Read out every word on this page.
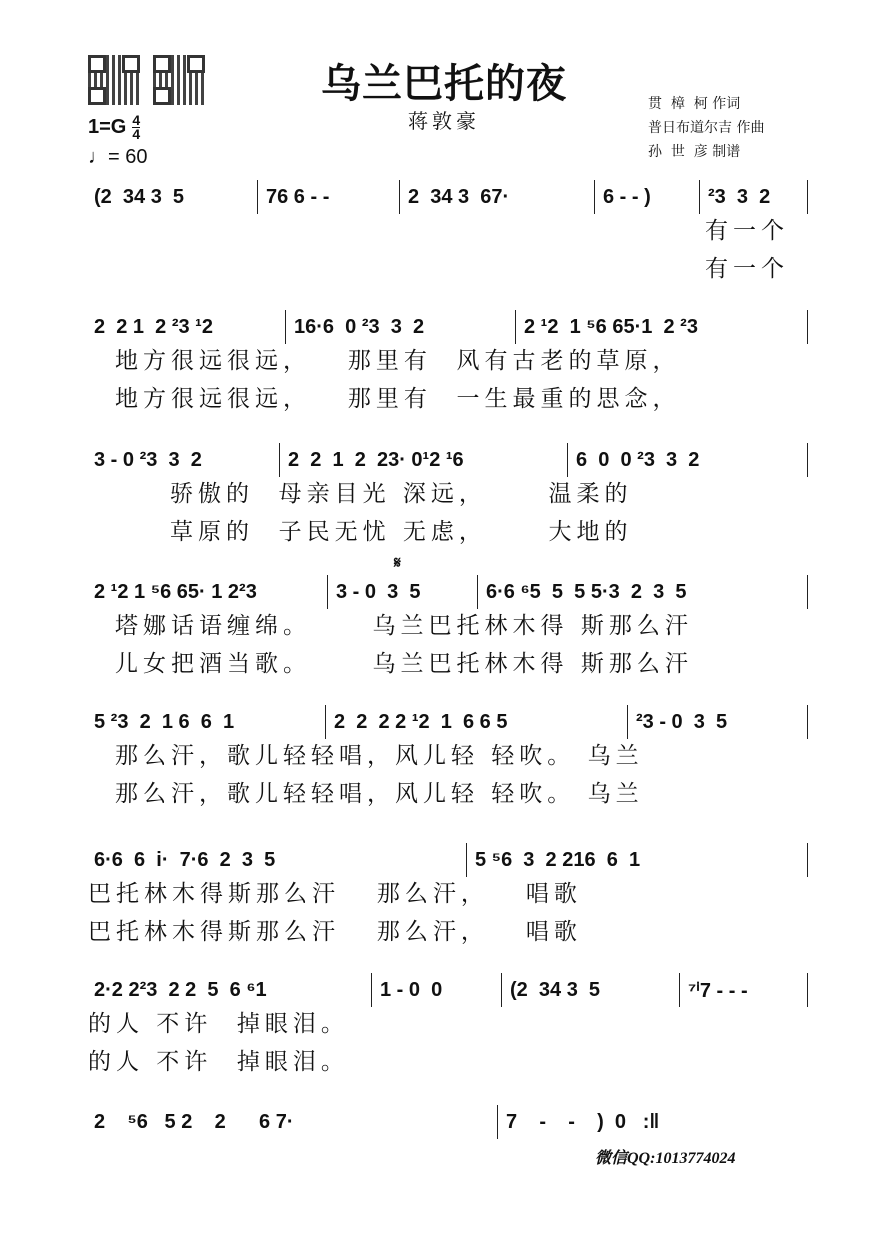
乌兰巴托的夜
蒋敦豪
贯  樟  柯 作词
普日布道尔吉 作曲
孙  世  彦 制谱
$1=G \frac{4}{4}$
♩= 60
(2  34 3  5	76 6 - -	2  34 3  67·	6 - - )	²3  3  2
有一个
有一个
2  2 1  2 ²3 ¹2	16·6  0 ²3  3  2	2 ¹2  1 ⁵6 65·1  2 ²3
地方很远很远，   那里有  风有古老的草原，
地方很远很远，   那里有  一生最重的思念，
3 - 0 ²3  3  2	2  2  1  2  23· 0¹2 ¹6	6  0  0 ²3  3  2
骄傲的  母亲目光 深远，     温柔的
草原的  子民无忧 无虑，     大地的
2 ¹2 1 ⁵6 65· 1 2²3	3 - 0  3  5	6·6 ⁶5  5  5 5·3  2  3  5
塔娜话语缠绵。     乌兰巴托林木得 斯那么汗
儿女把酒当歌。     乌兰巴托林木得 斯那么汗
5 ²3  2  1 6  6  1	2  2  2 2 ¹2  1  6 6 5	²3 - 0  3  5
那么汗，歌儿轻轻唱，风儿轻 轻吹。 乌兰
那么汗，歌儿轻轻唱，风儿轻 轻吹。 乌兰
6·6  6  i·  7·6  2  3  5	5 ⁵6  3  2 216  6  1
巴托林木得斯那么汗   那么汗，   唱歌
巴托林木得斯那么汗   那么汗，   唱歌
2·2 2²3  2 2  5  6 ⁶1	1 - 0  0	(2  34 3  5	⁷ⁱ7 - - -
的人 不许  掉眼泪。
的人 不许  掉眼泪。
2    ⁵6   5 2    2      6 7·	7    -    -    )  0   :‖
𝄋
微信QQ:1013774024
